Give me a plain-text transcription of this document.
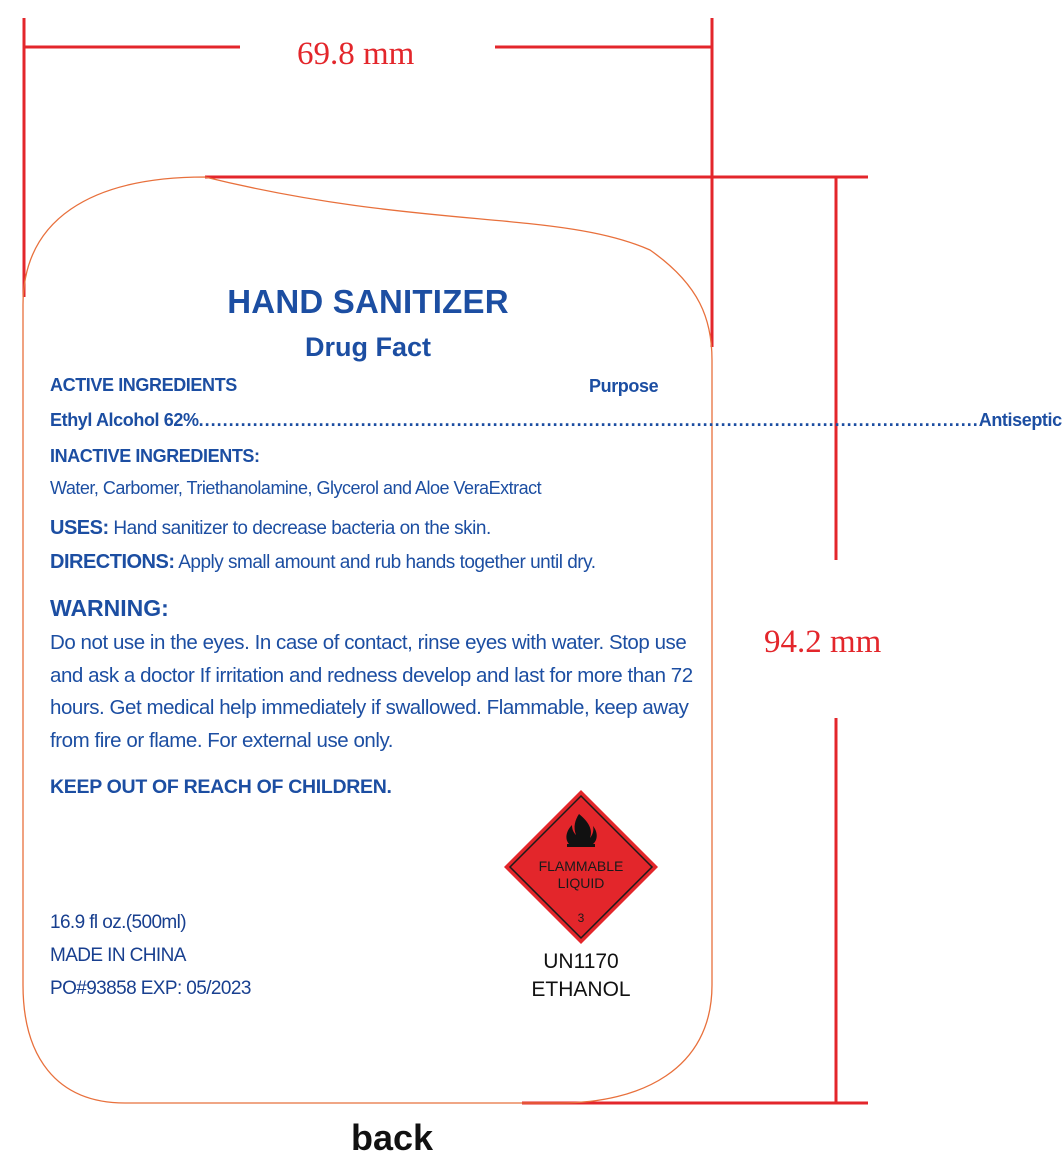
69.8 mm
94.2 mm
HAND SANITIZER
Drug Fact
ACTIVE INGREDIENTS	Purpose
Ethyl Alcohol 62% .................................................................................................................................. Antiseptic
INACTIVE INGREDIENTS:
Water, Carbomer, Triethanolamine, Glycerol and Aloe VeraExtract
USES: Hand sanitizer to decrease bacteria on the skin.
DIRECTIONS: Apply small amount and rub hands together until dry.
WARNING:
Do not use in the eyes. In case of contact, rinse eyes with water. Stop use and ask a doctor If irritation and redness develop and last for more than 72 hours. Get medical help immediately if swallowed. Flammable, keep away from fire or flame. For external use only.
KEEP OUT OF REACH OF CHILDREN.
16.9 fl oz.(500ml)
MADE IN CHINA
PO#93858 EXP: 05/2023
FLAMMABLE
LIQUID
3
UN1170
ETHANOL
back
